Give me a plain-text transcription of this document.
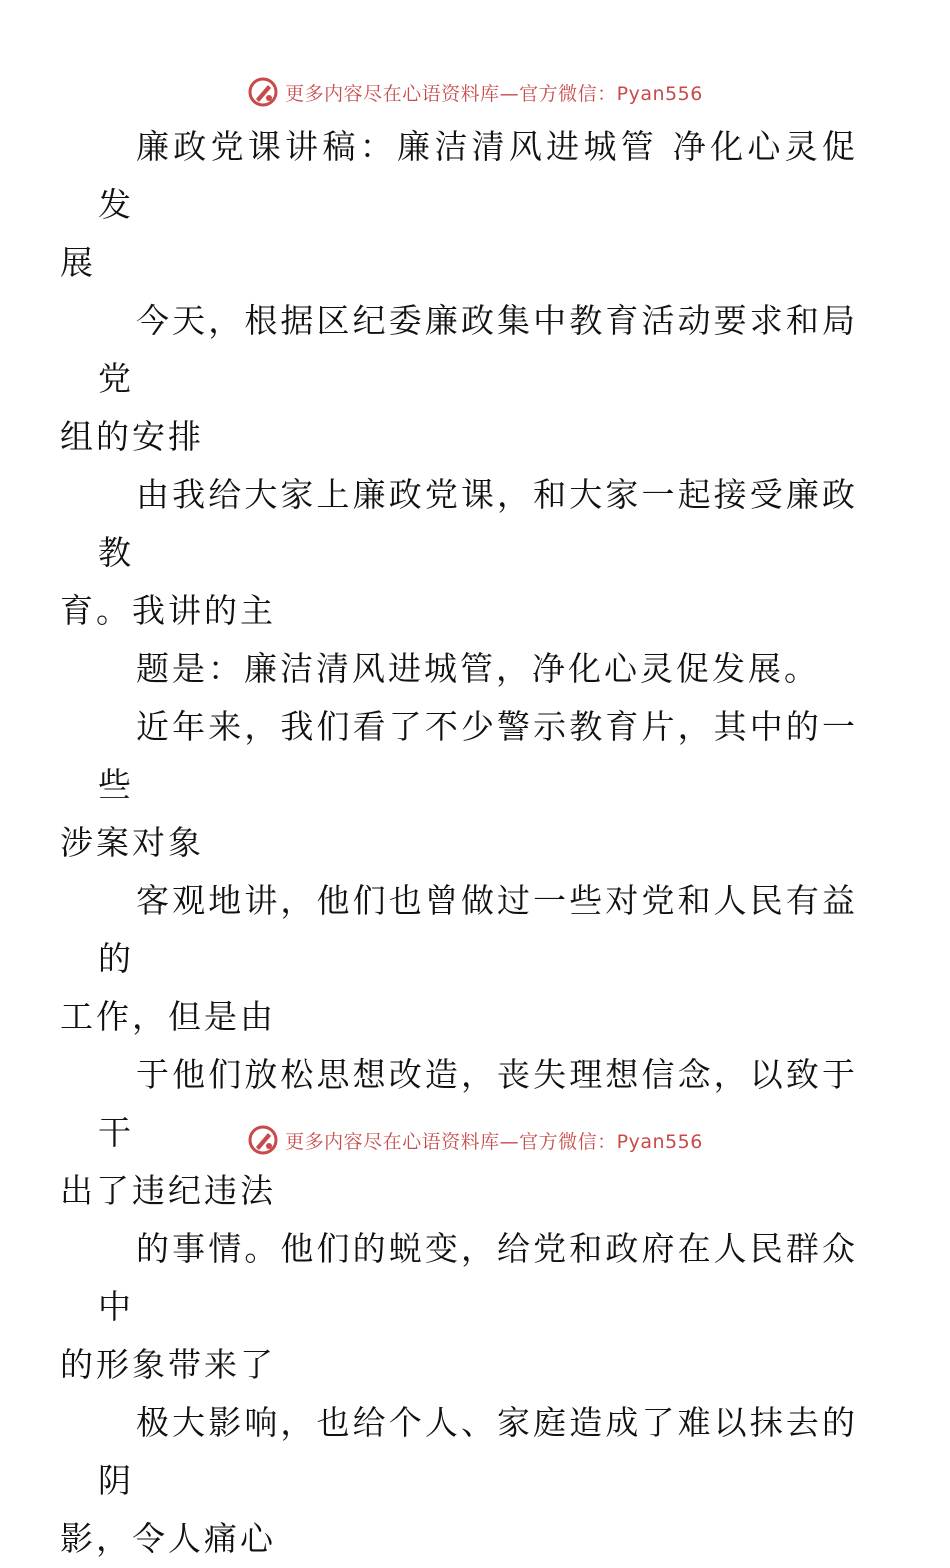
更多内容尽在心语资料库—官方微信：Pyan556

廉政党课讲稿：廉洁清风进城管 净化心灵促发
展

今天，根据区纪委廉政集中教育活动要求和局党
组的安排

由我给大家上廉政党课，和大家一起接受廉政教
育。我讲的主

题是：廉洁清风进城管，净化心灵促发展。

近年来，我们看了不少警示教育片，其中的一些
涉案对象

客观地讲，他们也曾做过一些对党和人民有益的
工作，但是由

于他们放松思想改造，丧失理想信念，以致于干
出了违纪违法

的事情。他们的蜕变，给党和政府在人民群众中
的形象带来了

极大影响，也给个人、家庭造成了难以抹去的阴
影，令人痛心

更多内容尽在心语资料库—官方微信：Pyan556
